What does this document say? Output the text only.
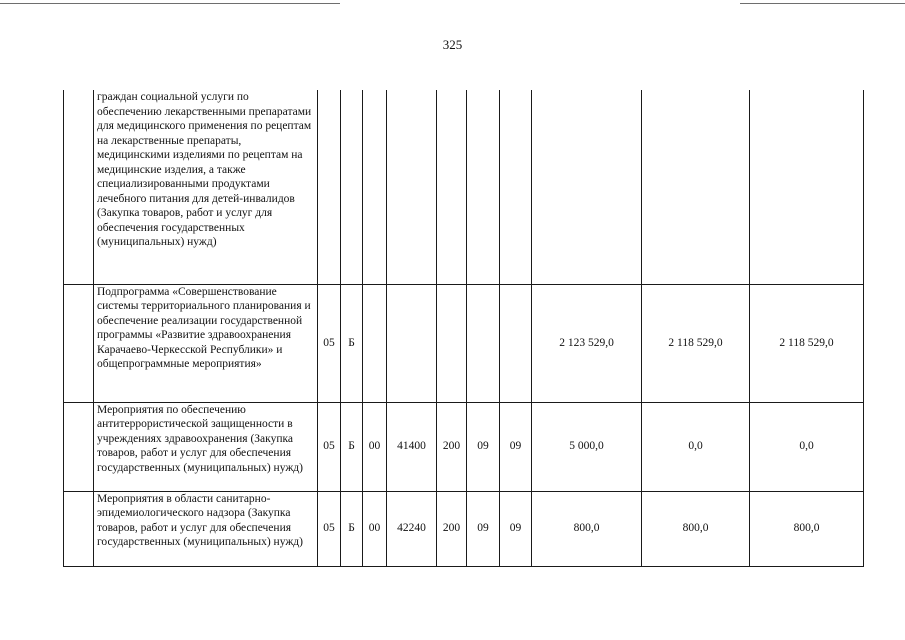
325
	граждан социальной услуги по обеспечению лекарственными препаратами для медицинского применения по рецептам на лекарственные препараты, медицинскими изделиями по рецептам на медицинские изделия, а также специализированными продуктами лечебного питания для детей-инвалидов (Закупка товаров, работ и услуг для обеспечения государственных (муниципальных) нужд)										
	Подпрограмма «Совершенствование системы территориального планирования и обеспечение реализации государственной программы «Развитие здравоохранения Карачаево-Черкесской Республики» и общепрограммные мероприятия»	05	Б						2 123 529,0	2 118 529,0	2 118 529,0
	Мероприятия по обеспечению антитеррористической защищенности в учреждениях здравоохранения (Закупка товаров, работ и услуг для обеспечения государственных (муниципальных) нужд)	05	Б	00	41400	200	09	09	5 000,0	0,0	0,0
	Мероприятия в области санитарно-эпидемиологического надзора (Закупка товаров, работ и услуг для обеспечения государственных (муниципальных) нужд)	05	Б	00	42240	200	09	09	800,0	800,0	800,0
